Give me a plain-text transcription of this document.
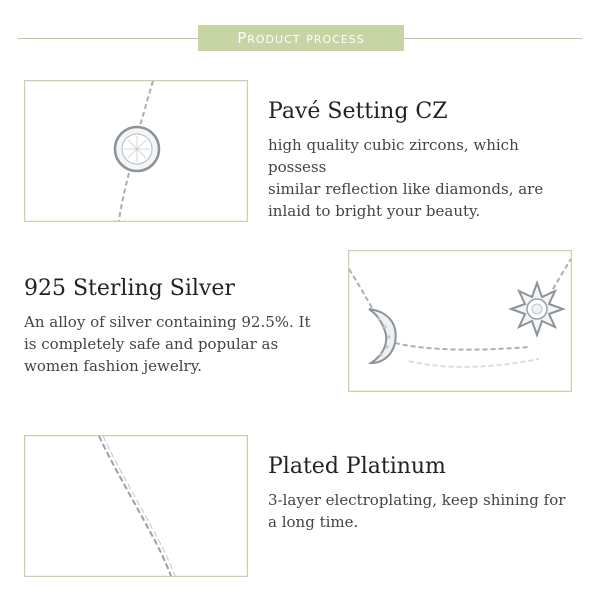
Product process
Pavé Setting CZ

high quality cubic zircons, which possess
similar reflection like diamonds, are
inlaid to bright your beauty.

925 Sterling Silver

An alloy of silver containing 92.5%. It
is completely safe and popular as
women fashion jewelry.

Plated Platinum

3-layer electroplating, keep shining for
a long time.
